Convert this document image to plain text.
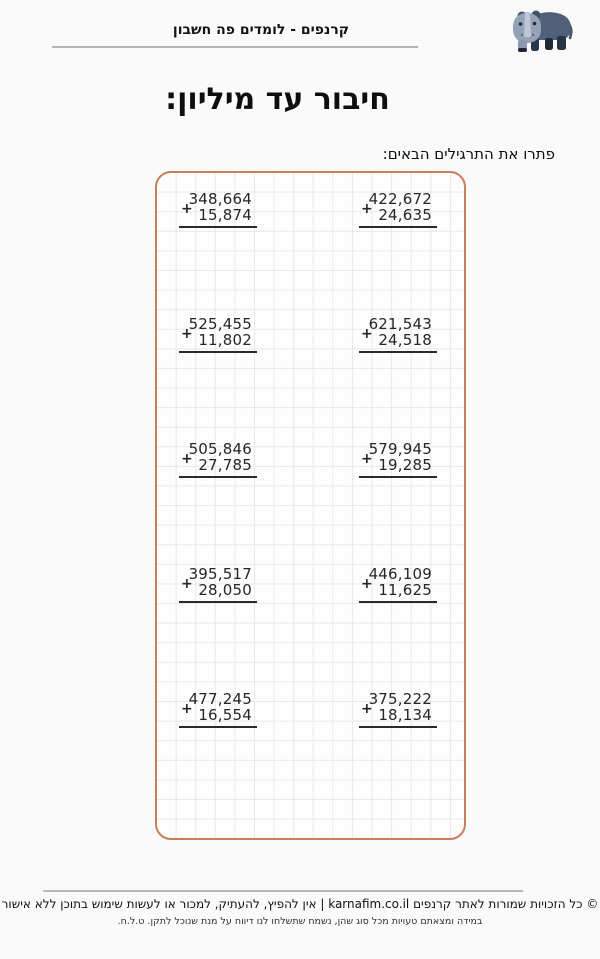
קרנפים - לומדים פה חשבון
חיבור עד מיליון:
פתרו את התרגילים הבאים:
+
348,664
15,874	+
422,672
24,635
+
525,455
11,802	+
621,543
24,518
+
505,846
27,785	+
579,945
19,285
+
395,517
28,050	+
446,109
11,625
+
477,245
16,554	+
375,222
18,134
© כל הזכויות שמורות לאתר קרנפים karnafim.co.il | אין להפיץ, להעתיק, למכור או לעשות שימוש בתוכן ללא אישור
במידה ומצאתם טעויות מכל סוג שהן, נשמח שתשלחו לנו דיווח על מנת שנוכל לתקן. ט.ל.ח.
